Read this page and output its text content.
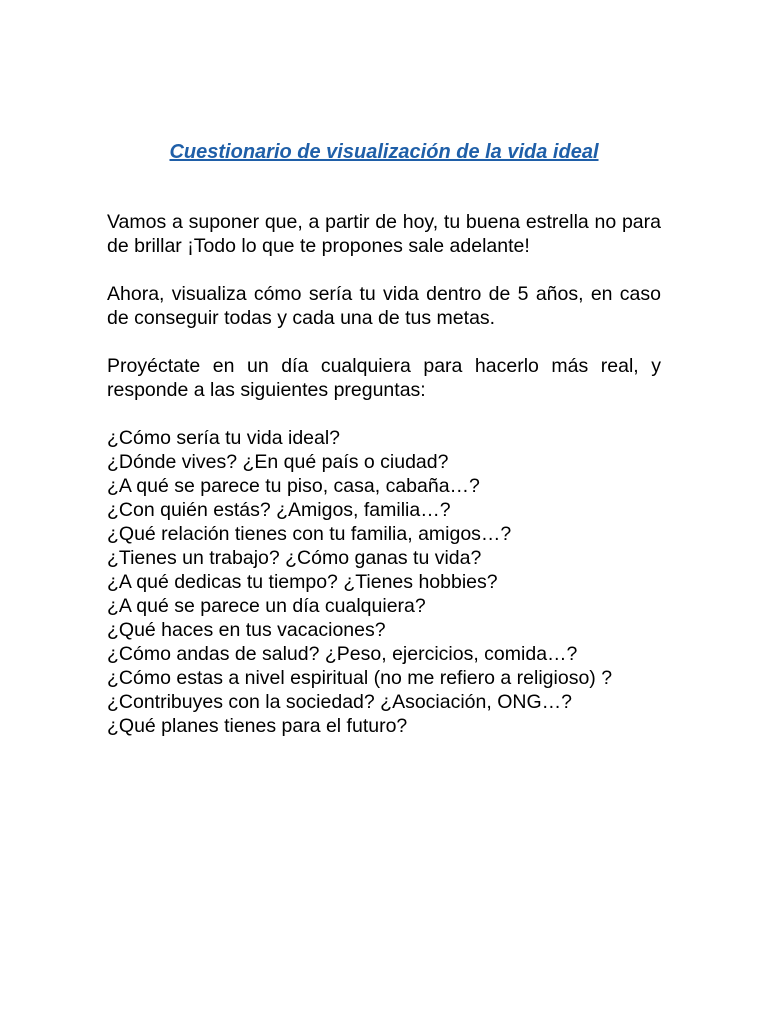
Cuestionario de visualización de la vida ideal

Vamos a suponer que, a partir de hoy, tu buena estrella no para de brillar ¡Todo lo que te propones sale adelante!

Ahora, visualiza cómo sería tu vida dentro de 5 años, en caso de conseguir todas y cada una de tus metas.

Proyéctate en un día cualquiera para hacerlo más real, y responde a las siguientes preguntas:

¿Cómo sería tu vida ideal?
¿Dónde vives? ¿En qué país o ciudad?
¿A qué se parece tu piso, casa, cabaña…?
¿Con quién estás? ¿Amigos, familia…?
¿Qué relación tienes con tu familia, amigos…?
¿Tienes un trabajo? ¿Cómo ganas tu vida?
¿A qué dedicas tu tiempo? ¿Tienes hobbies?
¿A qué se parece un día cualquiera?
¿Qué haces en tus vacaciones?
¿Cómo andas de salud? ¿Peso, ejercicios, comida…?
¿Cómo estas a nivel espiritual (no me refiero a religioso) ?
¿Contribuyes con la sociedad? ¿Asociación, ONG…?
¿Qué planes tienes para el futuro?
